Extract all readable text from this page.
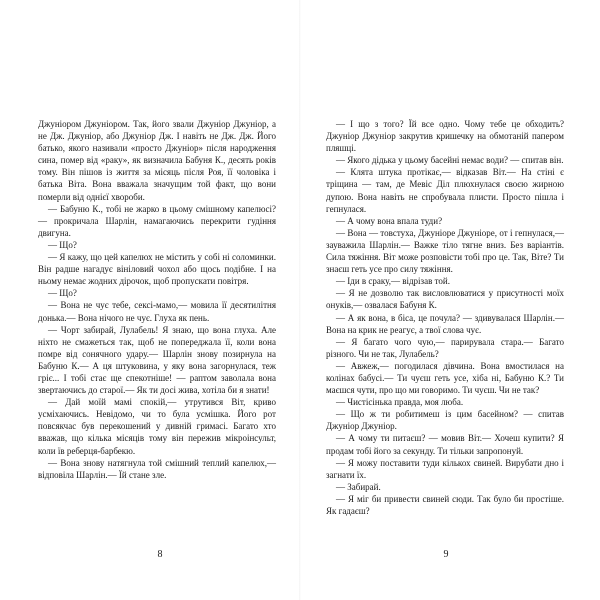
Джуніором Джуніором. Так, його звали Джуніор Джуніор, а не Дж. Джуніор, або Джуніор Дж. І навіть не Дж. Дж. Його батько, якого називали «просто Джуніор» після народження сина, помер від «раку», як визначила Бабуня К., десять років тому. Він пішов із життя за місяць після Роя, її чоловіка і батька Віта. Вона вважала значущим той факт, що вони померли від однієї хвороби.

— Бабуню К., тобі не жарко в цьому смішному капелюсі? — прокричала Шарлін, намагаючись перекрити гудіння двигуна.

— Що?

— Я кажу, що цей капелюх не містить у собі ні соломинки. Він радше нагадує вініловий чохол або щось подібне. І на ньому немає жодних дірочок, щоб пропускати повітря.

— Що?

— Вона не чує тебе, сексі-мамо,— мовила її десятилітня донька.— Вона нічого не чує. Глуха як пень.

— Чорт забирай, Лулабель! Я знаю, що вона глуха. Але ніхто не смажеться так, щоб не попереджала її, коли вона помре від сонячного удару.— Шарлін знову позирнула на Бабуню К.— А ця штуковина, у яку вона загорнулася, теж гріє... І тобі стає ще спекотніше! — раптом заволала вона звертаючись до старої.— Як ти досі жива, хотіла би я знати!

— Дай моїй мамі спокій,— утрутився Віт, криво усміхаючись. Невідомо, чи то була усмішка. Його рот повсякчас був перекошений у дивній гримасі. Багато хто вважав, що кілька місяців тому він пережив мікроінсульт, коли їв реберця-барбекю.

— Вона знову натягнула той смішний теплий капелюх,— відповіла Шарлін.— Їй стане зле.

— І що з того? Їй все одно. Чому тебе це обходить? Джуніор Джуніор закрутив кришечку на обмотаній папером пляшці.

— Якого дідька у цьому басейні немає води? — спитав він.

— Клята штука протікає,— відказав Віт.— На стіні є тріщина — там, де Мевіс Діл плюхнулася своєю жирною дупою. Вона навіть не спробувала плисти. Просто пішла і гепнулася.

— А чому вона впала туди?

— Вона — товстуха, Джуніоре Джуніоре, от і гепнулася,— зауважила Шарлін.— Важке тіло тягне вниз. Без варіантів. Сила тяжіння. Віт може розповісти тобі про це. Так, Віте? Ти знаєш геть усе про силу тяжіння.

— Іди в сраку,— відрізав той.

— Я не дозволю так висловлюватися у присутності моїх онуків,— озвалася Бабуня К.

— А як вона, в біса, це почула? — здивувалася Шарлін.— Вона на крик не реагує, а твої слова чує.

— Я багато чого чую,— парирувала стара.— Багато різного. Чи не так, Лулабель?

— Авжеж,— погодилася дівчина. Вона вмостилася на колінах бабусі.— Ти чуєш геть усе, хіба ні, Бабуню К.? Ти маєшся чути, про що ми говоримо. Ти чуєш. Чи не так?

— Чистісінька правда, моя люба.

— Що ж ти робитимеш із цим басейном? — спитав Джуніор Джуніор.

— А чому ти питаєш? — мовив Віт.— Хочеш купити? Я продам тобі його за секунду. Ти тільки запропонуй.

— Я можу поставити туди кількох свиней. Вирубати дно і загнати їх.

— Забирай.

— Я міг би привести свиней сюди. Так було би простіше. Як гадаєш?

8	9
